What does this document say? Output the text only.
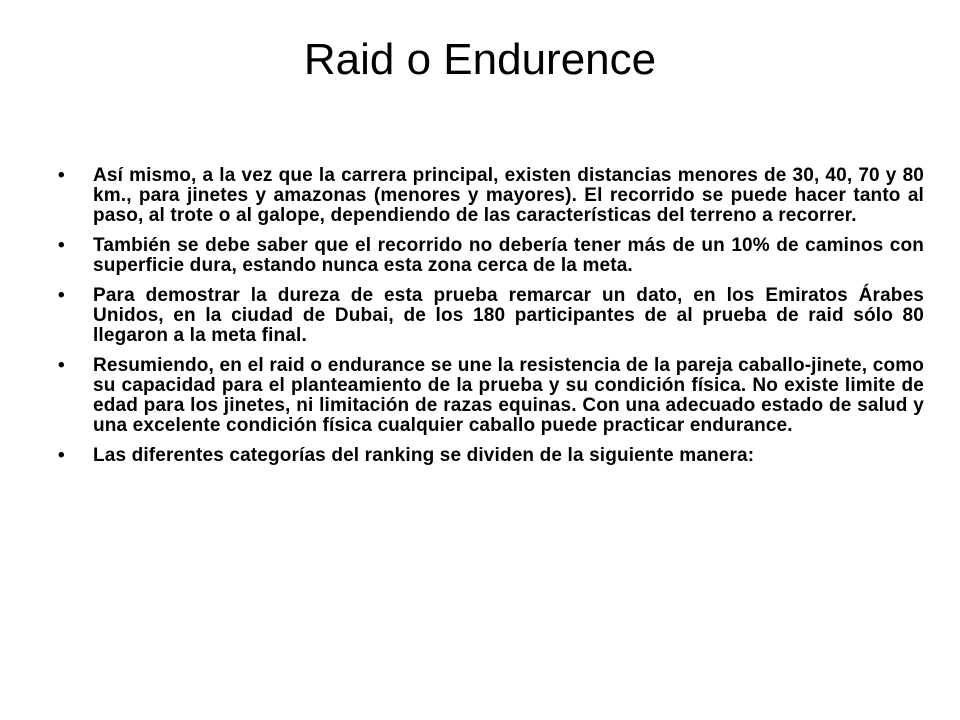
Raid o Endurence
• Así mismo, a la vez que la carrera principal, existen distancias menores de 30, 40, 70 y 80 km., para jinetes y amazonas (menores y mayores). El recorrido se puede hacer tanto al paso, al trote o al galope, dependiendo de las características del terreno a recorrer.
• También se debe saber que el recorrido no debería tener más de un 10% de caminos con superficie dura, estando nunca esta zona cerca de la meta.
• Para demostrar la dureza de esta prueba remarcar un dato, en los Emiratos Árabes Unidos, en la ciudad de Dubai, de los 180 participantes de al prueba de raid sólo 80 llegaron a la meta final.
• Resumiendo, en el raid o endurance se une la resistencia de la pareja caballo-jinete, como su capacidad para el planteamiento de la prueba y su condición física. No existe limite de edad para los jinetes, ni limitación de razas equinas. Con una adecuado estado de salud y una excelente condición física cualquier caballo puede practicar endurance.
• Las diferentes categorías del ranking se dividen de la siguiente manera:
